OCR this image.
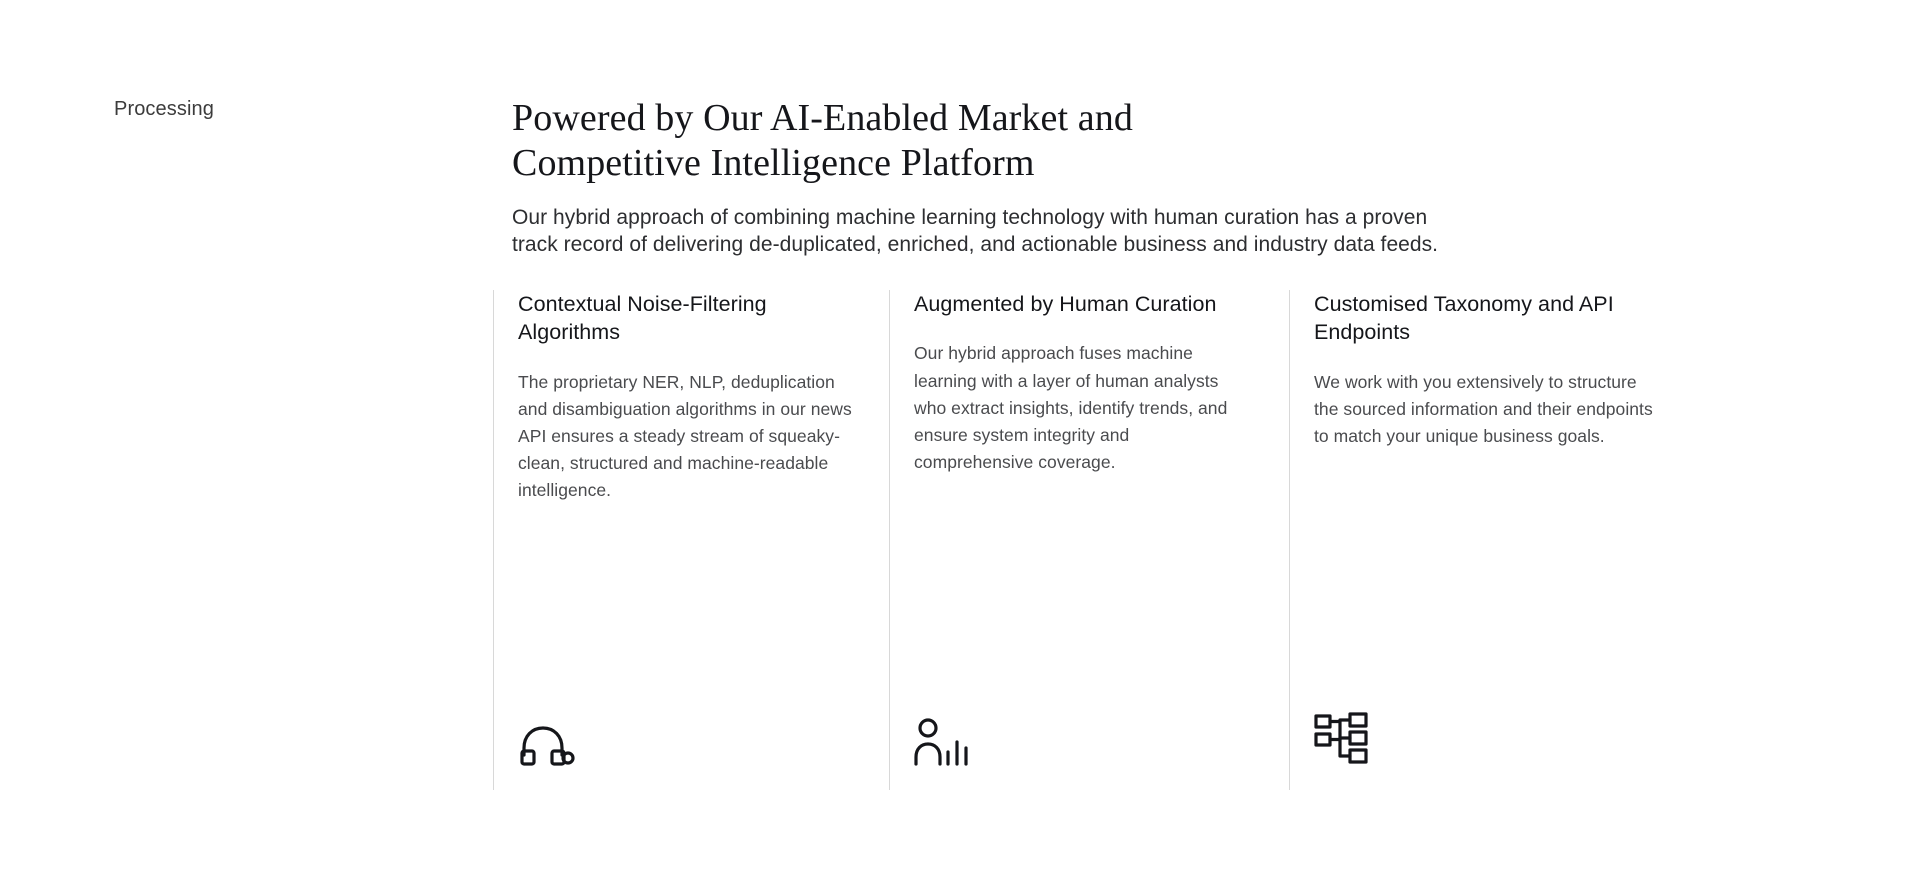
Processing	Powered by Our AI-Enabled Market and
Competitive Intelligence Platform

Our hybrid approach of combining machine learning technology with human curation has a proven
track record of delivering de-duplicated, enriched, and actionable business and industry data feeds.

Contextual Noise-Filtering Algorithms
The proprietary NER, NLP, deduplication and disambiguation algorithms in our news API ensures a steady stream of squeaky-clean, structured and machine-readable intelligence.
Augmented by Human Curation
Our hybrid approach fuses machine learning with a layer of human analysts who extract insights, identify trends, and ensure system integrity and comprehensive coverage.
Customised Taxonomy and API Endpoints
We work with you extensively to structure the sourced information and their endpoints to match your unique business goals.
